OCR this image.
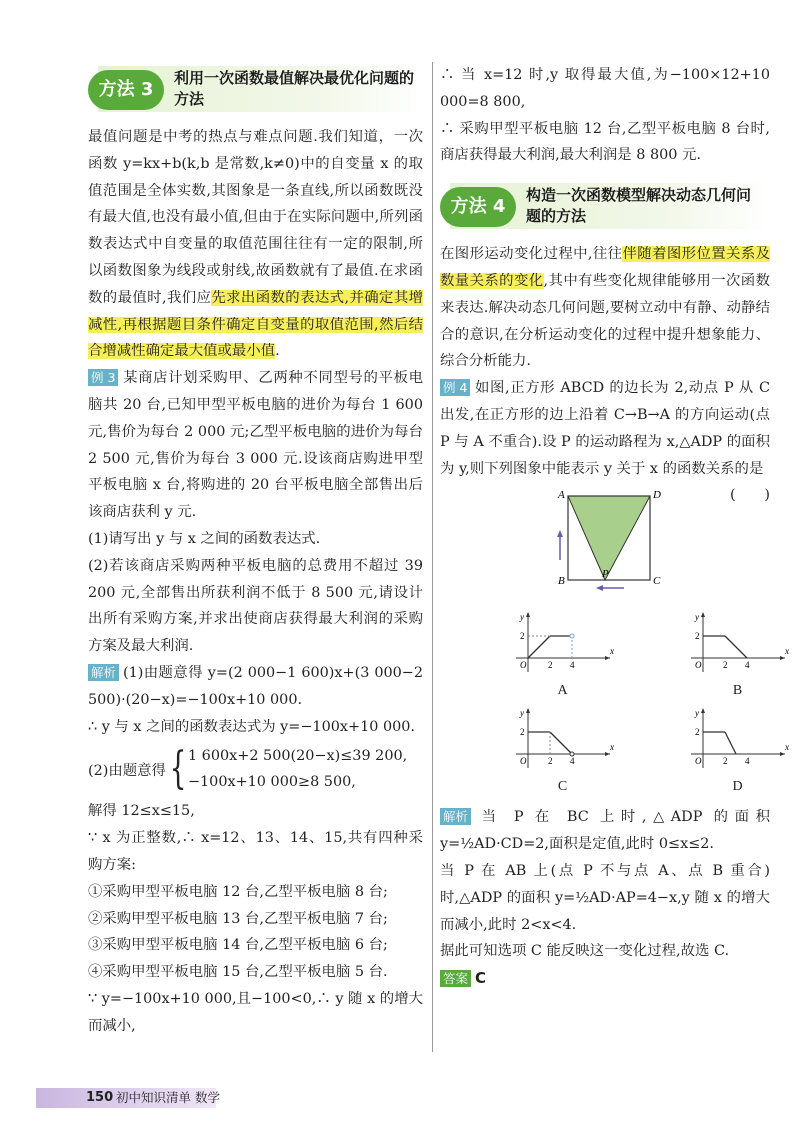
方法 3
利用一次函数最值解决最优化问题的方法

最值问题是中考的热点与难点问题.我们知道，一次函数 y=kx+b(k,b 是常数,k≠0)中的自变量 x 的取值范围是全体实数,其图象是一条直线,所以函数既没有最大值,也没有最小值,但由于在实际问题中,所列函数表达式中自变量的取值范围往往有一定的限制,所以函数图象为线段或射线,故函数就有了最值.在求函数的最值时,我们应先求出函数的表达式,并确定其增减性,再根据题目条件确定自变量的取值范围,然后结合增减性确定最大值或最小值.

例 3 某商店计划采购甲、乙两种不同型号的平板电脑共 20 台,已知甲型平板电脑的进价为每台 1 600 元,售价为每台 2 000 元;乙型平板电脑的进价为每台 2 500 元,售价为每台 3 000 元.设该商店购进甲型平板电脑 x 台,将购进的 20 台平板电脑全部售出后该商店获利 y 元.

(1)请写出 y 与 x 之间的函数表达式.

(2)若该商店采购两种平板电脑的总费用不超过 39 200 元,全部售出所获利润不低于 8 500 元,请设计出所有采购方案,并求出使商店获得最大利润的采购方案及最大利润.

解析 (1)由题意得 y=(2 000−1 600)x+(3 000−2 500)·(20−x)=−100x+10 000.

∴ y 与 x 之间的函数表达式为 y=−100x+10 000.

(2)由题意得 { 1 600x+2 500(20−x)≤39 200,
−100x+10 000≥8 500,

解得 12≤x≤15,

∵ x 为正整数,∴ x=12、13、14、15,共有四种采购方案:

①采购甲型平板电脑 12 台,乙型平板电脑 8 台;

②采购甲型平板电脑 13 台,乙型平板电脑 7 台;

③采购甲型平板电脑 14 台,乙型平板电脑 6 台;

④采购甲型平板电脑 15 台,乙型平板电脑 5 台.

∵ y=−100x+10 000,且−100<0,∴ y 随 x 的增大而减小,

∴ 当 x=12 时,y 取得最大值,为−100×12+10 000=8 800,

∴ 采购甲型平板电脑 12 台,乙型平板电脑 8 台时,商店获得最大利润,最大利润是 8 800 元.

方法 4
构造一次函数模型解决动态几何问题的方法

在图形运动变化过程中,往往伴随着图形位置关系及数量关系的变化,其中有些变化规律能够用一次函数来表达.解决动态几何问题,要树立动中有静、动静结合的意识,在分析运动变化的过程中提升想象能力、综合分析能力.

例 4 如图,正方形 ABCD 的边长为 2,动点 P 从 C 出发,在正方形的边上沿着 C→B→A 的方向运动(点 P 与 A 不重合).设 P 的运动路程为 x,△ADP 的面积为 y,则下列图象中能表示 y 关于 x 的函数关系的是
(　　)

A	D
B	C
P
y
x
O
2
2 4
A
y
x
O
2
2 4
B
y
x
O
2
2 4
C
y
x
O
2
2 4
D

解析 当 P 在 BC 上时,△ADP 的面积 y=½AD·CD=2,面积是定值,此时 0≤x≤2.

当 P 在 AB 上(点 P 不与点 A、点 B 重合)时,△ADP 的面积 y=½AD·AP=4−x,y 随 x 的增大而减小,此时 2<x<4.

据此可知选项 C 能反映这一变化过程,故选 C.

答案 C

150 初中知识清单 数学
